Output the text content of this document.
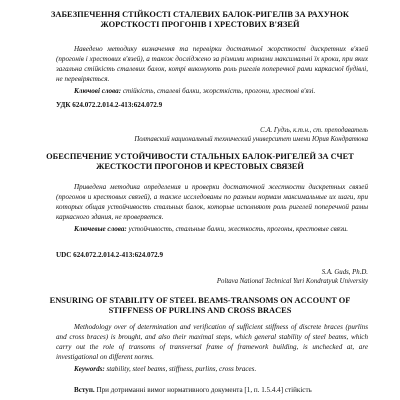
ЗАБЕЗПЕЧЕННЯ СТІЙКОСТІ СТАЛЕВИХ БАЛОК-РИГЕЛІВ ЗА РАХУНОК ЖОРСТКОСТІ ПРОГОНІВ І ХРЕСТОВИХ В'ЯЗЕЙ

Наведено методику визначення та перевірки достатньої жорсткості дискретних в'язей (прогонів і хрестових в'язей), а також досліджено за різними нормами максимальні їх кроки, при яких загальна стійкість сталевих балок, котрі виконують роль ригелів поперечної рами каркасної будівлі, не перевіряється.

Ключові слова: стійкість, сталеві балки, жорсткість, прогони, хрестові в'язі.

УДК 624.072.2.014.2-413:624.072.9

С.А. Гудзь, к.т.н., ст. преподаватель

Полтавский национальный технический университет имени Юрия Кондратюка

ОБЕСПЕЧЕНИЕ УСТОЙЧИВОСТИ СТАЛЬНЫХ БАЛОК-РИГЕЛЕЙ ЗА СЧЕТ ЖЕСТКОСТИ ПРОГОНОВ И КРЕСТОВЫХ СВЯЗЕЙ

Приведена методика определения и проверки достаточной жесткости дискретных связей (прогонов и крестовых связей), а также исследованы по разным нормам максимальные их шаги, при которых общая устойчивость стальных балок, которые исполняют роль ригелей поперечной рамы каркасного здания, не проверяется.

Ключевые слова: устойчивость, стальные балки, жесткость, прогоны, крестовые связи.

UDC 624.072.2.014.2-413:624.072.9

S.A. Guds, Ph.D.

Poltava National Technical Yuri Kondratyuk University

ENSURING OF STABILITY OF STEEL BEAMS-TRANSOMS ON ACCOUNT OF STIFFNESS OF PURLINS AND CROSS BRACES

Methodology over of determination and verification of sufficient stiffness of discrete braces (purlins and cross braces) is brought, and also their maximal steps, which general stability of steel beams, which carry out the role of transoms of transversal frame of framework building, is unchecked at, are investigational on different norms.

Keywords: stability, steel beams, stiffness, purlins, cross braces.

Вступ. При дотриманні вимог нормативного документа [1, п. 1.5.4.4] стійкість
